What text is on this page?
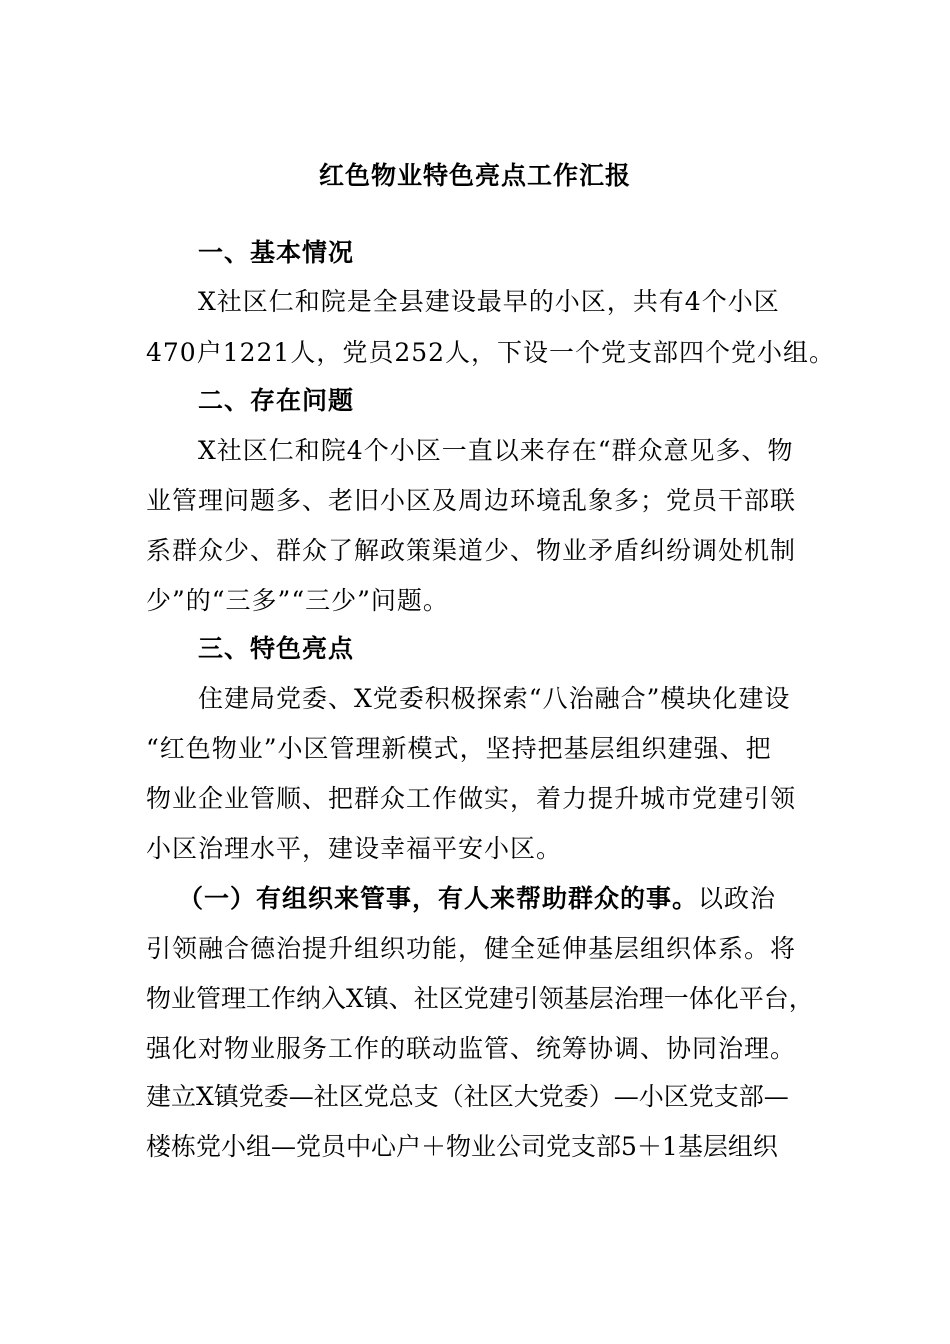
红色物业特色亮点工作汇报
一、基本情况
X社区仁和院是全县建设最早的小区，共有4个小区
470户1221人，党员252人，下设一个党支部四个党小组。
二、存在问题
X社区仁和院4个小区一直以来存在“群众意见多、物
业管理问题多、老旧小区及周边环境乱象多；党员干部联
系群众少、群众了解政策渠道少、物业矛盾纠纷调处机制
少”的“三多”“三少”问题。
三、特色亮点
住建局党委、X党委积极探索“八治融合”模块化建设
“红色物业”小区管理新模式，坚持把基层组织建强、把
物业企业管顺、把群众工作做实，着力提升城市党建引领
小区治理水平，建设幸福平安小区。
（一）有组织来管事，有人来帮助群众的事。以政治
引领融合德治提升组织功能，健全延伸基层组织体系。将
物业管理工作纳入X镇、社区党建引领基层治理一体化平台，
强化对物业服务工作的联动监管、统筹协调、协同治理。
建立X镇党委—社区党总支（社区大党委）—小区党支部—
楼栋党小组—党员中心户＋物业公司党支部5＋1基层组织
